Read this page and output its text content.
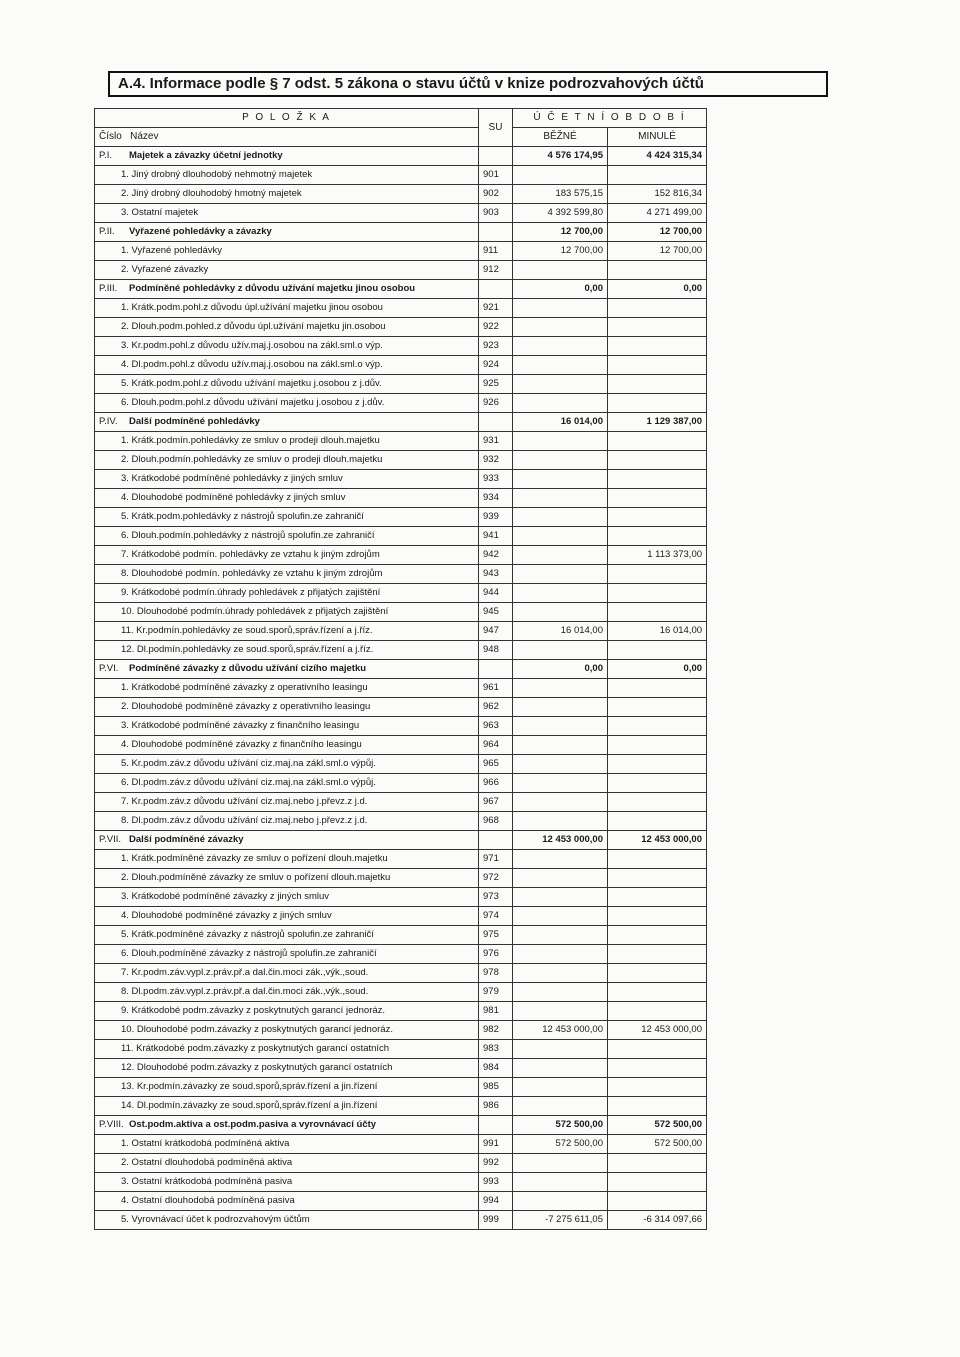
A.4. Informace podle § 7 odst. 5 zákona o stavu účtů v knize podrozvahových účtů
P O L O Ž K A	SU	Ú Č E T N Í O B D O B Í	
Číslo Název		BĚŽNÉ	MINULÉ

P.I. Majetek a závazky účetní jednotky		4 576 174,95	4 424 315,34
1. Jiný drobný dlouhodobý nehmotný majetek	901		
2. Jiný drobný dlouhodobý hmotný majetek	902	183 575,15	152 816,34
3. Ostatní majetek	903	4 392 599,80	4 271 499,00
P.II. Vyřazené pohledávky a závazky		12 700,00	12 700,00
1. Vyřazené pohledávky	911	12 700,00	12 700,00
2. Vyřazené závazky	912		
P.III. Podmíněné pohledávky z důvodu užívání majetku jinou osobou		0,00	0,00
1. Krátk.podm.pohl.z důvodu úpl.užívání majetku jinou osobou	921		
2. Dlouh.podm.pohled.z důvodu úpl.užívání majetku jin.osobou	922		
3. Kr.podm.pohl.z důvodu užív.maj.j.osobou na zákl.sml.o výp.	923		
4. Dl.podm.pohl.z důvodu užív.maj.j.osobou na zákl.sml.o výp.	924		
5. Krátk.podm.pohl.z důvodu užívání majetku j.osobou z j.dův.	925		
6. Dlouh.podm.pohl.z důvodu užívání majetku j.osobou z j.dův.	926		
P.IV. Další podmíněné pohledávky		16 014,00	1 129 387,00
1. Krátk.podmín.pohledávky ze smluv o prodeji dlouh.majetku	931		
2. Dlouh.podmín.pohledávky ze smluv o prodeji dlouh.majetku	932		
3. Krátkodobé podmíněné pohledávky z jiných smluv	933		
4. Dlouhodobé podmíněné pohledávky z jiných smluv	934		
5. Krátk.podm.pohledávky z nástrojů spolufin.ze zahraničí	939		
6. Dlouh.podmín.pohledávky z nástrojů spolufin.ze zahraničí	941		
7. Krátkodobé podmín. pohledávky ze vztahu k jiným zdrojům	942		1 113 373,00
8. Dlouhodobé podmín. pohledávky ze vztahu k jiným zdrojům	943		
9. Krátkodobé podmín.úhrady pohledávek z přijatých zajištění	944		
10. Dlouhodobé podmín.úhrady pohledávek z přijatých zajištění	945		
11. Kr.podmín.pohledávky ze soud.sporů,správ.řízení a j.říz.	947	16 014,00	16 014,00
12. Dl.podmín.pohledávky ze soud.sporů,správ.řízení a j.říz.	948		
P.VI. Podmíněné závazky z důvodu užívání cizího majetku		0,00	0,00
1. Krátkodobé podmíněné závazky z operativního leasingu	961		
2. Dlouhodobé podmíněné závazky z operativního leasingu	962		
3. Krátkodobé podmíněné závazky z finančního leasingu	963		
4. Dlouhodobé podmíněné závazky z finančního leasingu	964		
5. Kr.podm.záv.z důvodu užívání ciz.maj.na zákl.sml.o výpůj.	965		
6. Dl.podm.záv.z důvodu užívání ciz.maj.na zákl.sml.o výpůj.	966		
7. Kr.podm.záv.z důvodu užívání ciz.maj.nebo j.převz.z j.d.	967		
8. Dl.podm.záv.z důvodu užívání ciz.maj.nebo j.převz.z j.d.	968		
P.VII. Další podmíněné závazky		12 453 000,00	12 453 000,00
1. Krátk.podmíněné závazky ze smluv o pořízení dlouh.majetku	971		
2. Dlouh.podmíněné závazky ze smluv o pořízení dlouh.majetku	972		
3. Krátkodobé podmíněné závazky z jiných smluv	973		
4. Dlouhodobé podmíněné závazky z jiných smluv	974		
5. Krátk.podmíněné závazky z nástrojů spolufin.ze zahraničí	975		
6. Dlouh.podmíněné závazky z nástrojů spolufin.ze zahraničí	976		
7. Kr.podm.záv.vypl.z.práv.př.a dal.čin.moci zák.,výk.,soud.	978		
8. Dl.podm.záv.vypl.z.práv.př.a dal.čin.moci zák.,výk.,soud.	979		
9. Krátkodobé podm.závazky z poskytnutých garancí jednoráz.	981		
10. Dlouhodobé podm.závazky z poskytnutých garancí jednoráz.	982	12 453 000,00	12 453 000,00
11. Krátkodobé podm.závazky z poskytnutých garancí ostatních	983		
12. Dlouhodobé podm.závazky z poskytnutých garancí ostatních	984		
13. Kr.podmín.závazky ze soud.sporů,správ.řízení a jin.řízení	985		
14. Dl.podmín.závazky ze soud.sporů,správ.řízení a jin.řízení	986		
P.VIII. Ost.podm.aktiva a ost.podm.pasiva a vyrovnávací účty		572 500,00	572 500,00
1. Ostatní krátkodobá podmíněná aktiva	991	572 500,00	572 500,00
2. Ostatní dlouhodobá podmíněná aktiva	992		
3. Ostatní krátkodobá podmíněná pasiva	993		
4. Ostatní dlouhodobá podmíněná pasiva	994		
5. Vyrovnávací účet k podrozvahovým účtům	999	-7 275 611,05	-6 314 097,66
